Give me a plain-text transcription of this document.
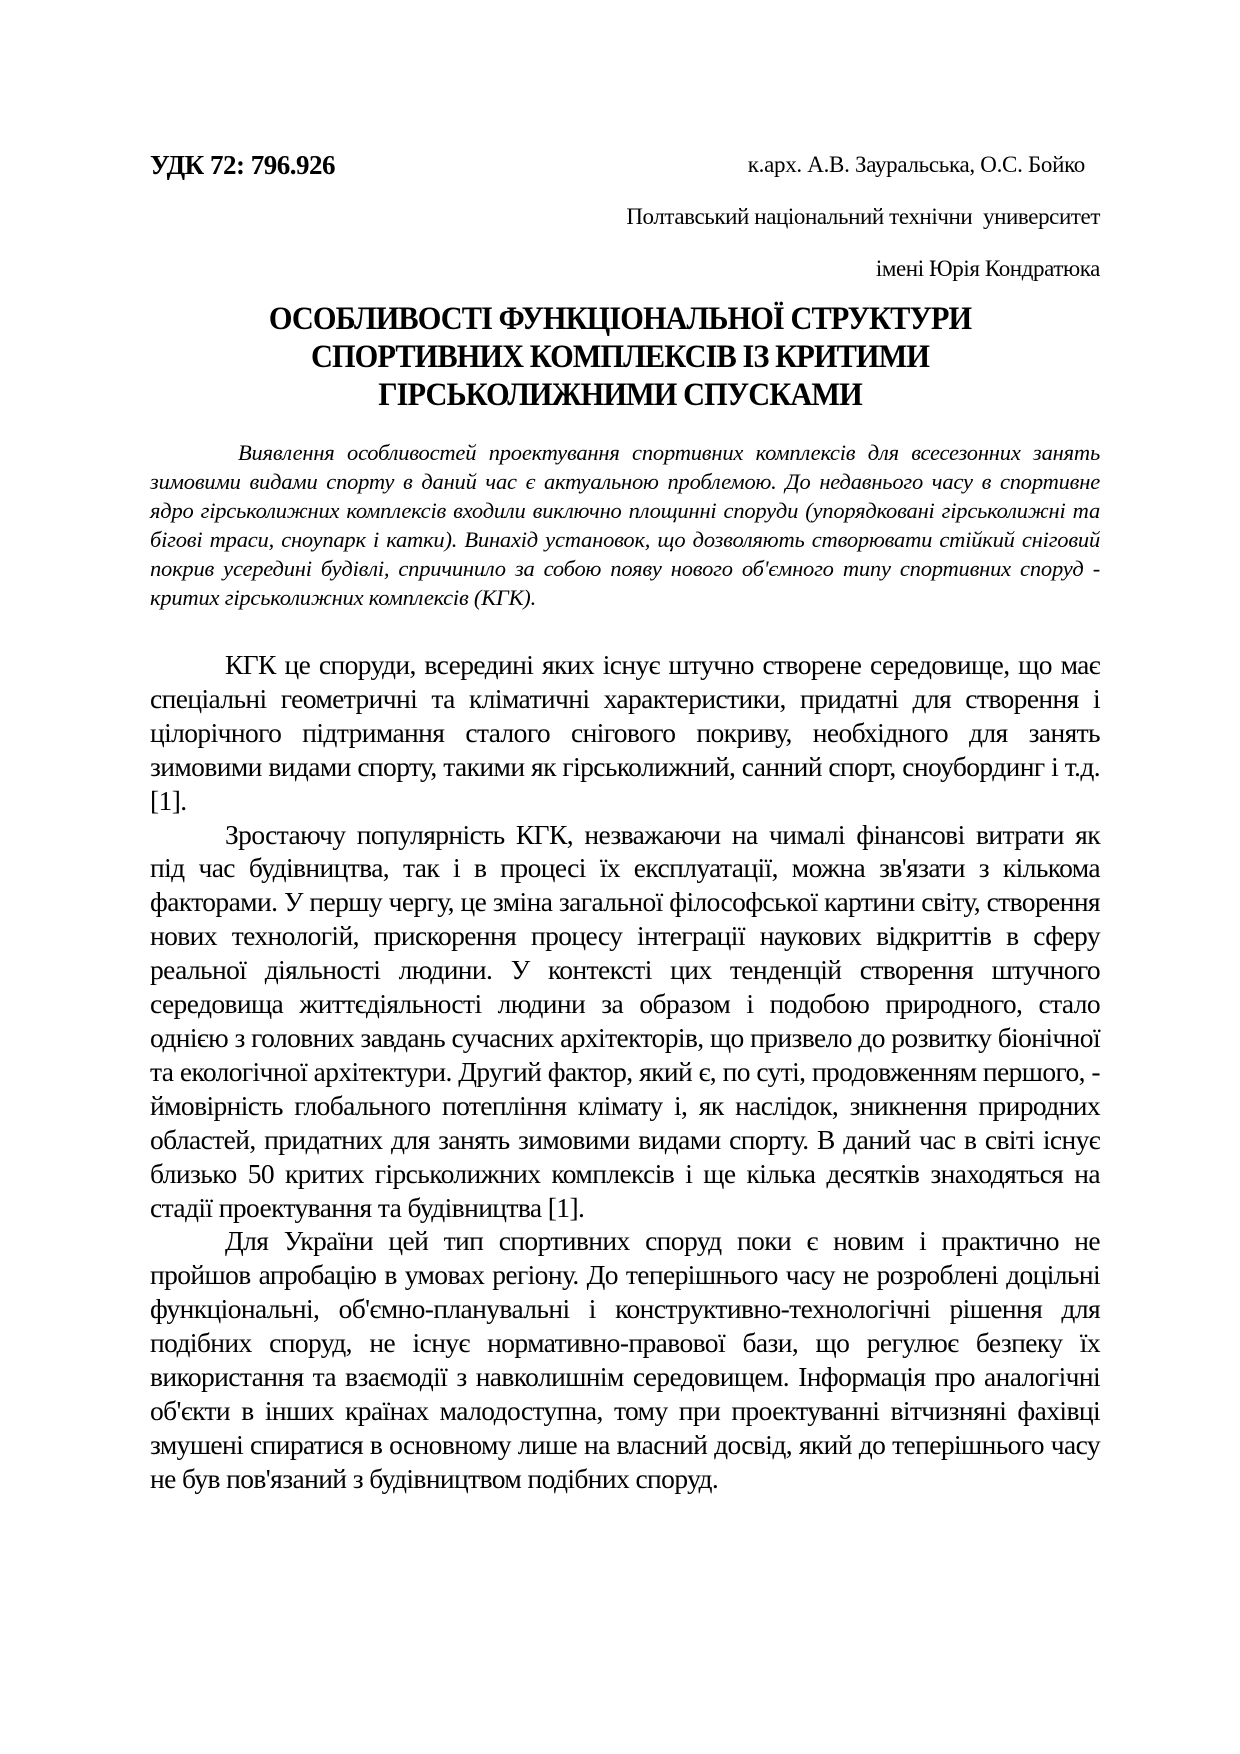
УДК 72: 796.926	к.арх. А.В. Зауральська, О.С. Бойко
Полтавський національний технічни  университет
імені Юрія Кондратюка
ОСОБЛИВОСТІ ФУНКЦІОНАЛЬНОЇ СТРУКТУРИ
СПОРТИВНИХ КОМПЛЕКСІВ ІЗ КРИТИМИ
ГІРСЬКОЛИЖНИМИ СПУСКАМИ
Виявлення особливостей проектування спортивних комплексів для всесезонних занять зимовими видами спорту в даний час є актуальною проблемою. До недавнього часу в спортивне ядро гірськолижних комплексів входили виключно площинні споруди (упорядковані гірськолижні та бігові траси, сноупарк і катки). Винахід установок, що дозволяють створювати стійкий сніговий покрив усередині будівлі, спричинило за собою появу нового об'ємного типу спортивних споруд - критих гірськолижних комплексів (КГК).

КГК це споруди, всередині яких існує штучно створене середовище, що має спеціальні геометричні та кліматичні характеристики, придатні для створення і цілорічного підтримання сталого снігового покриву, необхідного для занять зимовими видами спорту, такими як гірськолижний, санний спорт, сноубординг і т.д.[1].

Зростаючу популярність КГК, незважаючи на чималі фінансові витрати як під час будівництва, так і в процесі їх експлуатації, можна зв'язати з кількома факторами. У першу чергу, це зміна загальної філософської картини світу, створення нових технологій, прискорення процесу інтеграції наукових відкриттів в сферу реальної діяльності людини. У контексті цих тенденцій створення штучного середовища життєдіяльності людини за образом і подобою природного, стало однією з головних завдань сучасних архітекторів, що призвело до розвитку біонічної та екологічної архітектури. Другий фактор, який є, по суті, продовженням першого, - ймовірність глобального потепління клімату і, як наслідок, зникнення природних областей, придатних для занять зимовими видами спорту. В даний час в світі існує близько 50 критих гірськолижних комплексів і ще кілька десятків знаходяться на стадії проектування та будівництва [1].

Для України цей тип спортивних споруд поки є новим і практично не пройшов апробацію в умовах регіону. До теперішнього часу не розроблені доцільні функціональні, об'ємно-планувальні і конструктивно-технологічні рішення для подібних споруд, не існує нормативно-правової бази, що регулює безпеку їх використання та взаємодії з навколишнім середовищем. Інформація про аналогічні об'єкти в інших країнах малодоступна, тому при проектуванні вітчизняні фахівці змушені спиратися в основному лише на власний досвід, який до теперішнього часу не був пов'язаний з будівництвом подібних споруд.
